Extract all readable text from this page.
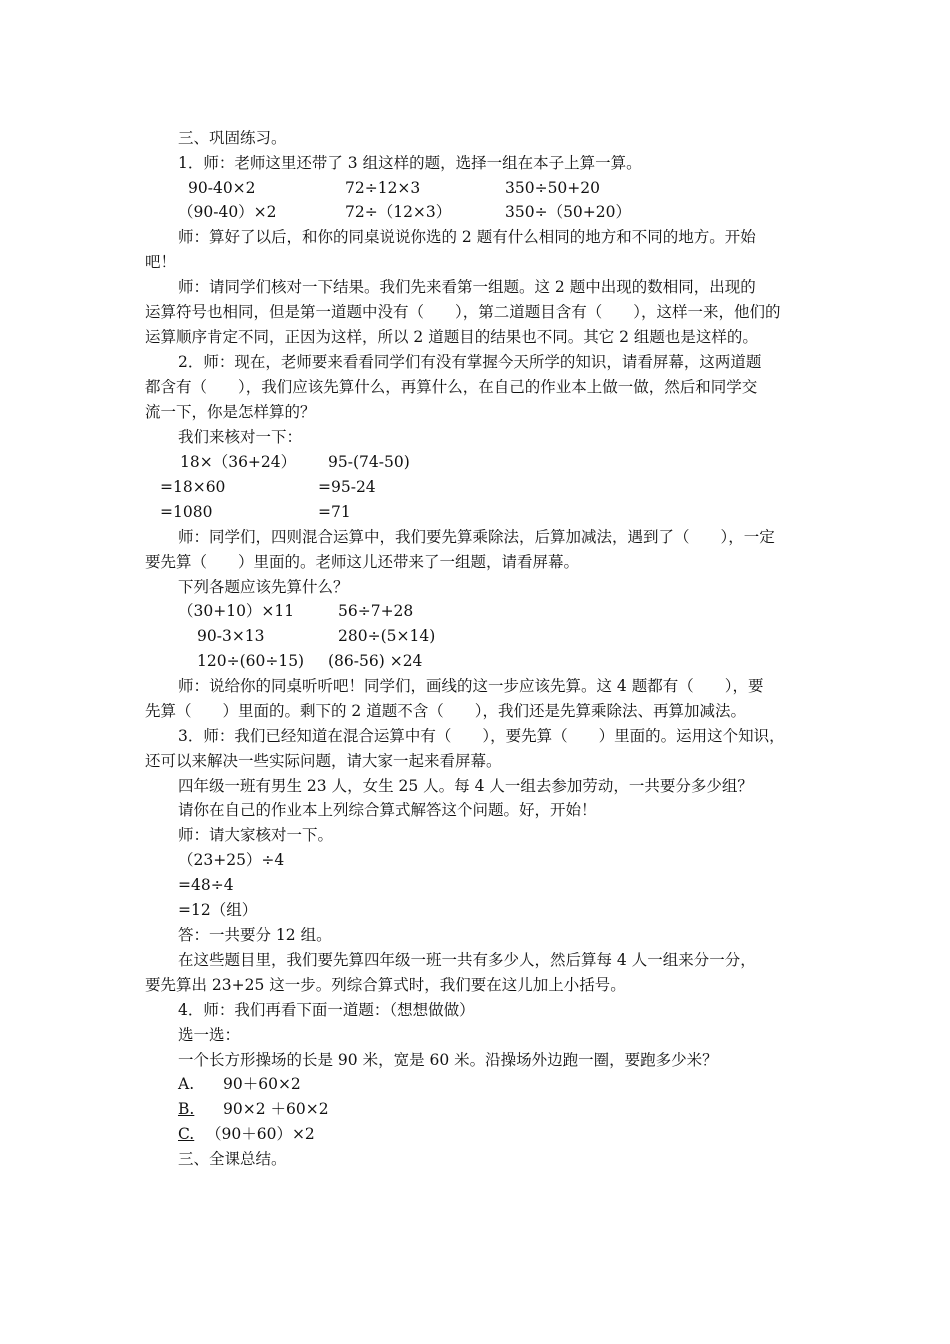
三、巩固练习。
1．师：老师这里还带了 3 组这样的题，选择一组在本子上算一算。
90-40×2	72÷12×3	350÷50+20
（90-40）×2	72÷（12×3）	350÷（50+20）
师：算好了以后，和你的同桌说说你选的 2 题有什么相同的地方和不同的地方。开始
吧！
师：请同学们核对一下结果。我们先来看第一组题。这 2 题中出现的数相同，出现的
运算符号也相同，但是第一道题中没有（　　），第二道题目含有（　　），这样一来，他们的
运算顺序肯定不同，正因为这样，所以 2 道题目的结果也不同。其它 2 组题也是这样的。
2．师：现在，老师要来看看同学们有没有掌握今天所学的知识，请看屏幕，这两道题
都含有（　　），我们应该先算什么，再算什么，在自己的作业本上做一做，然后和同学交
流一下，你是怎样算的？
我们来核对一下：
18×（36+24） 95-(74-50)
=18×60	=95-24
=1080	=71
师：同学们，四则混合运算中，我们要先算乘除法，后算加减法，遇到了（　　），一定
要先算（　　）里面的。老师这儿还带来了一组题，请看屏幕。
下列各题应该先算什么？
（30+10）×11	56÷7+28
90-3×13	280÷(5×14)
120÷(60÷15) (86-56) ×24
师：说给你的同桌听听吧！同学们，画线的这一步应该先算。这 4 题都有（　　），要
先算（　　）里面的。剩下的 2 道题不含（　　），我们还是先算乘除法、再算加减法。
3．师：我们已经知道在混合运算中有（　　），要先算（　　）里面的。运用这个知识，
还可以来解决一些实际问题，请大家一起来看屏幕。
四年级一班有男生 23 人，女生 25 人。每 4 人一组去参加劳动，一共要分多少组？
请你在自己的作业本上列综合算式解答这个问题。好，开始！
师：请大家核对一下。
（23+25）÷4
=48÷4
=12（组）
答：一共要分 12 组。
在这些题目里，我们要先算四年级一班一共有多少人，然后算每 4 人一组来分一分，
要先算出 23+25 这一步。列综合算式时，我们要在这儿加上小括号。
4．师：我们再看下面一道题：（想想做做）
选一选：
一个长方形操场的长是 90 米，宽是 60 米。沿操场外边跑一圈，要跑多少米？
A. 90＋60×2
B. 90×2 ＋60×2
C. （90＋60）×2
三、全课总结。
